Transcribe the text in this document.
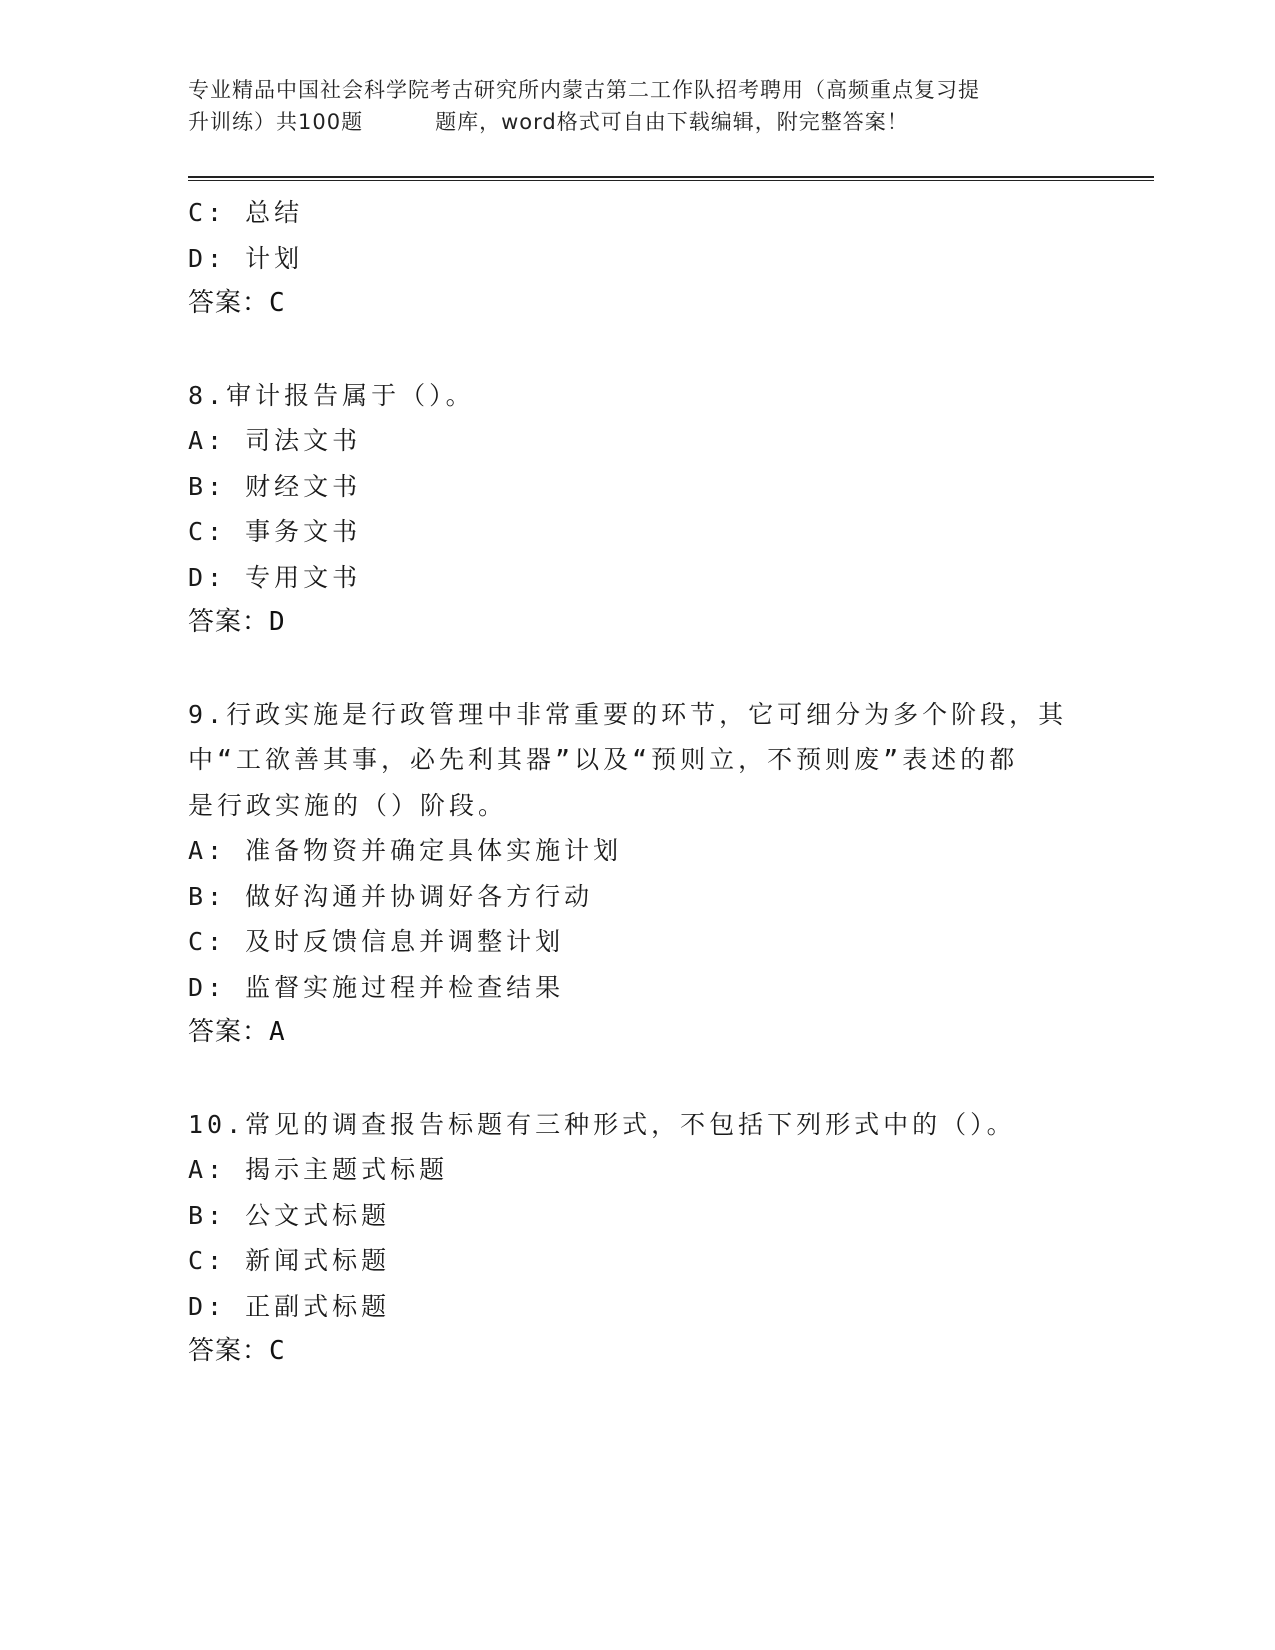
专业精品中国社会科学院考古研究所内蒙古第二工作队招考聘用（高频重点复习提
升训练）共100题	题库，word格式可自由下载编辑，附完整答案！
C: 总结
D: 计划
答案：C
8.审计报告属于（）。
A: 司法文书
B: 财经文书
C: 事务文书
D: 专用文书
答案：D
9.行政实施是行政管理中非常重要的环节，它可细分为多个阶段，其
中“工欲善其事，必先利其器”以及“预则立，不预则废”表述的都
是行政实施的（）阶段。
A: 准备物资并确定具体实施计划
B: 做好沟通并协调好各方行动
C: 及时反馈信息并调整计划
D: 监督实施过程并检查结果
答案：A
10.常见的调查报告标题有三种形式，不包括下列形式中的（）。
A: 揭示主题式标题
B: 公文式标题
C: 新闻式标题
D: 正副式标题
答案：C
